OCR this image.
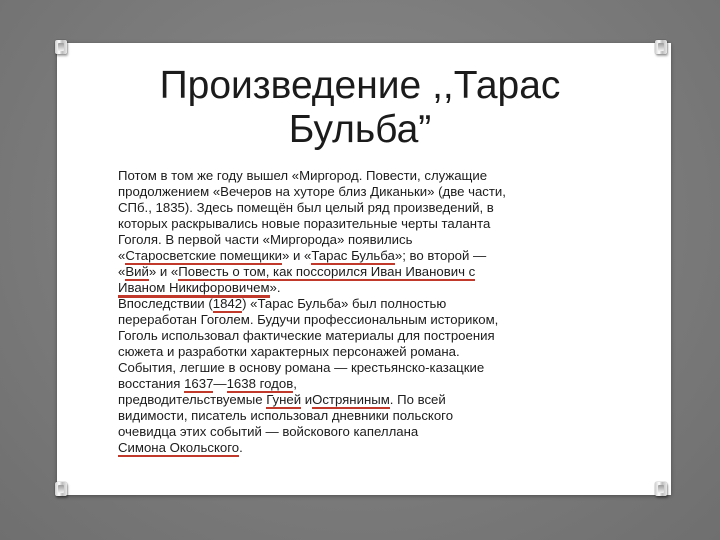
Произведение ,,Тарас
Бульба”
Потом в том же году вышел «Миргород. Повести, служащие
продолжением «Вечеров на хуторе близ Диканьки» (две части,
СПб., 1835). Здесь помещён был целый ряд произведений, в
которых раскрывались новые поразительные черты таланта
Гоголя. В первой части «Миргорода» появились
«Старосветские помещики» и «Тарас Бульба»; во второй —
«Вий» и «Повесть о том, как поссорился Иван Иванович с
Иваном Никифоровичем».
Впоследствии (1842) «Тарас Бульба» был полностью
переработан Гоголем. Будучи профессиональным историком,
Гоголь использовал фактические материалы для построения
сюжета и разработки характерных персонажей романа.
События, легшие в основу романа — крестьянско-казацкие
восстания 1637—1638 годов,
предводительствуемые Гуней иОстряниным. По всей
видимости, писатель использовал дневники польского
очевидца этих событий — войскового капеллана
Симона Окольского.
